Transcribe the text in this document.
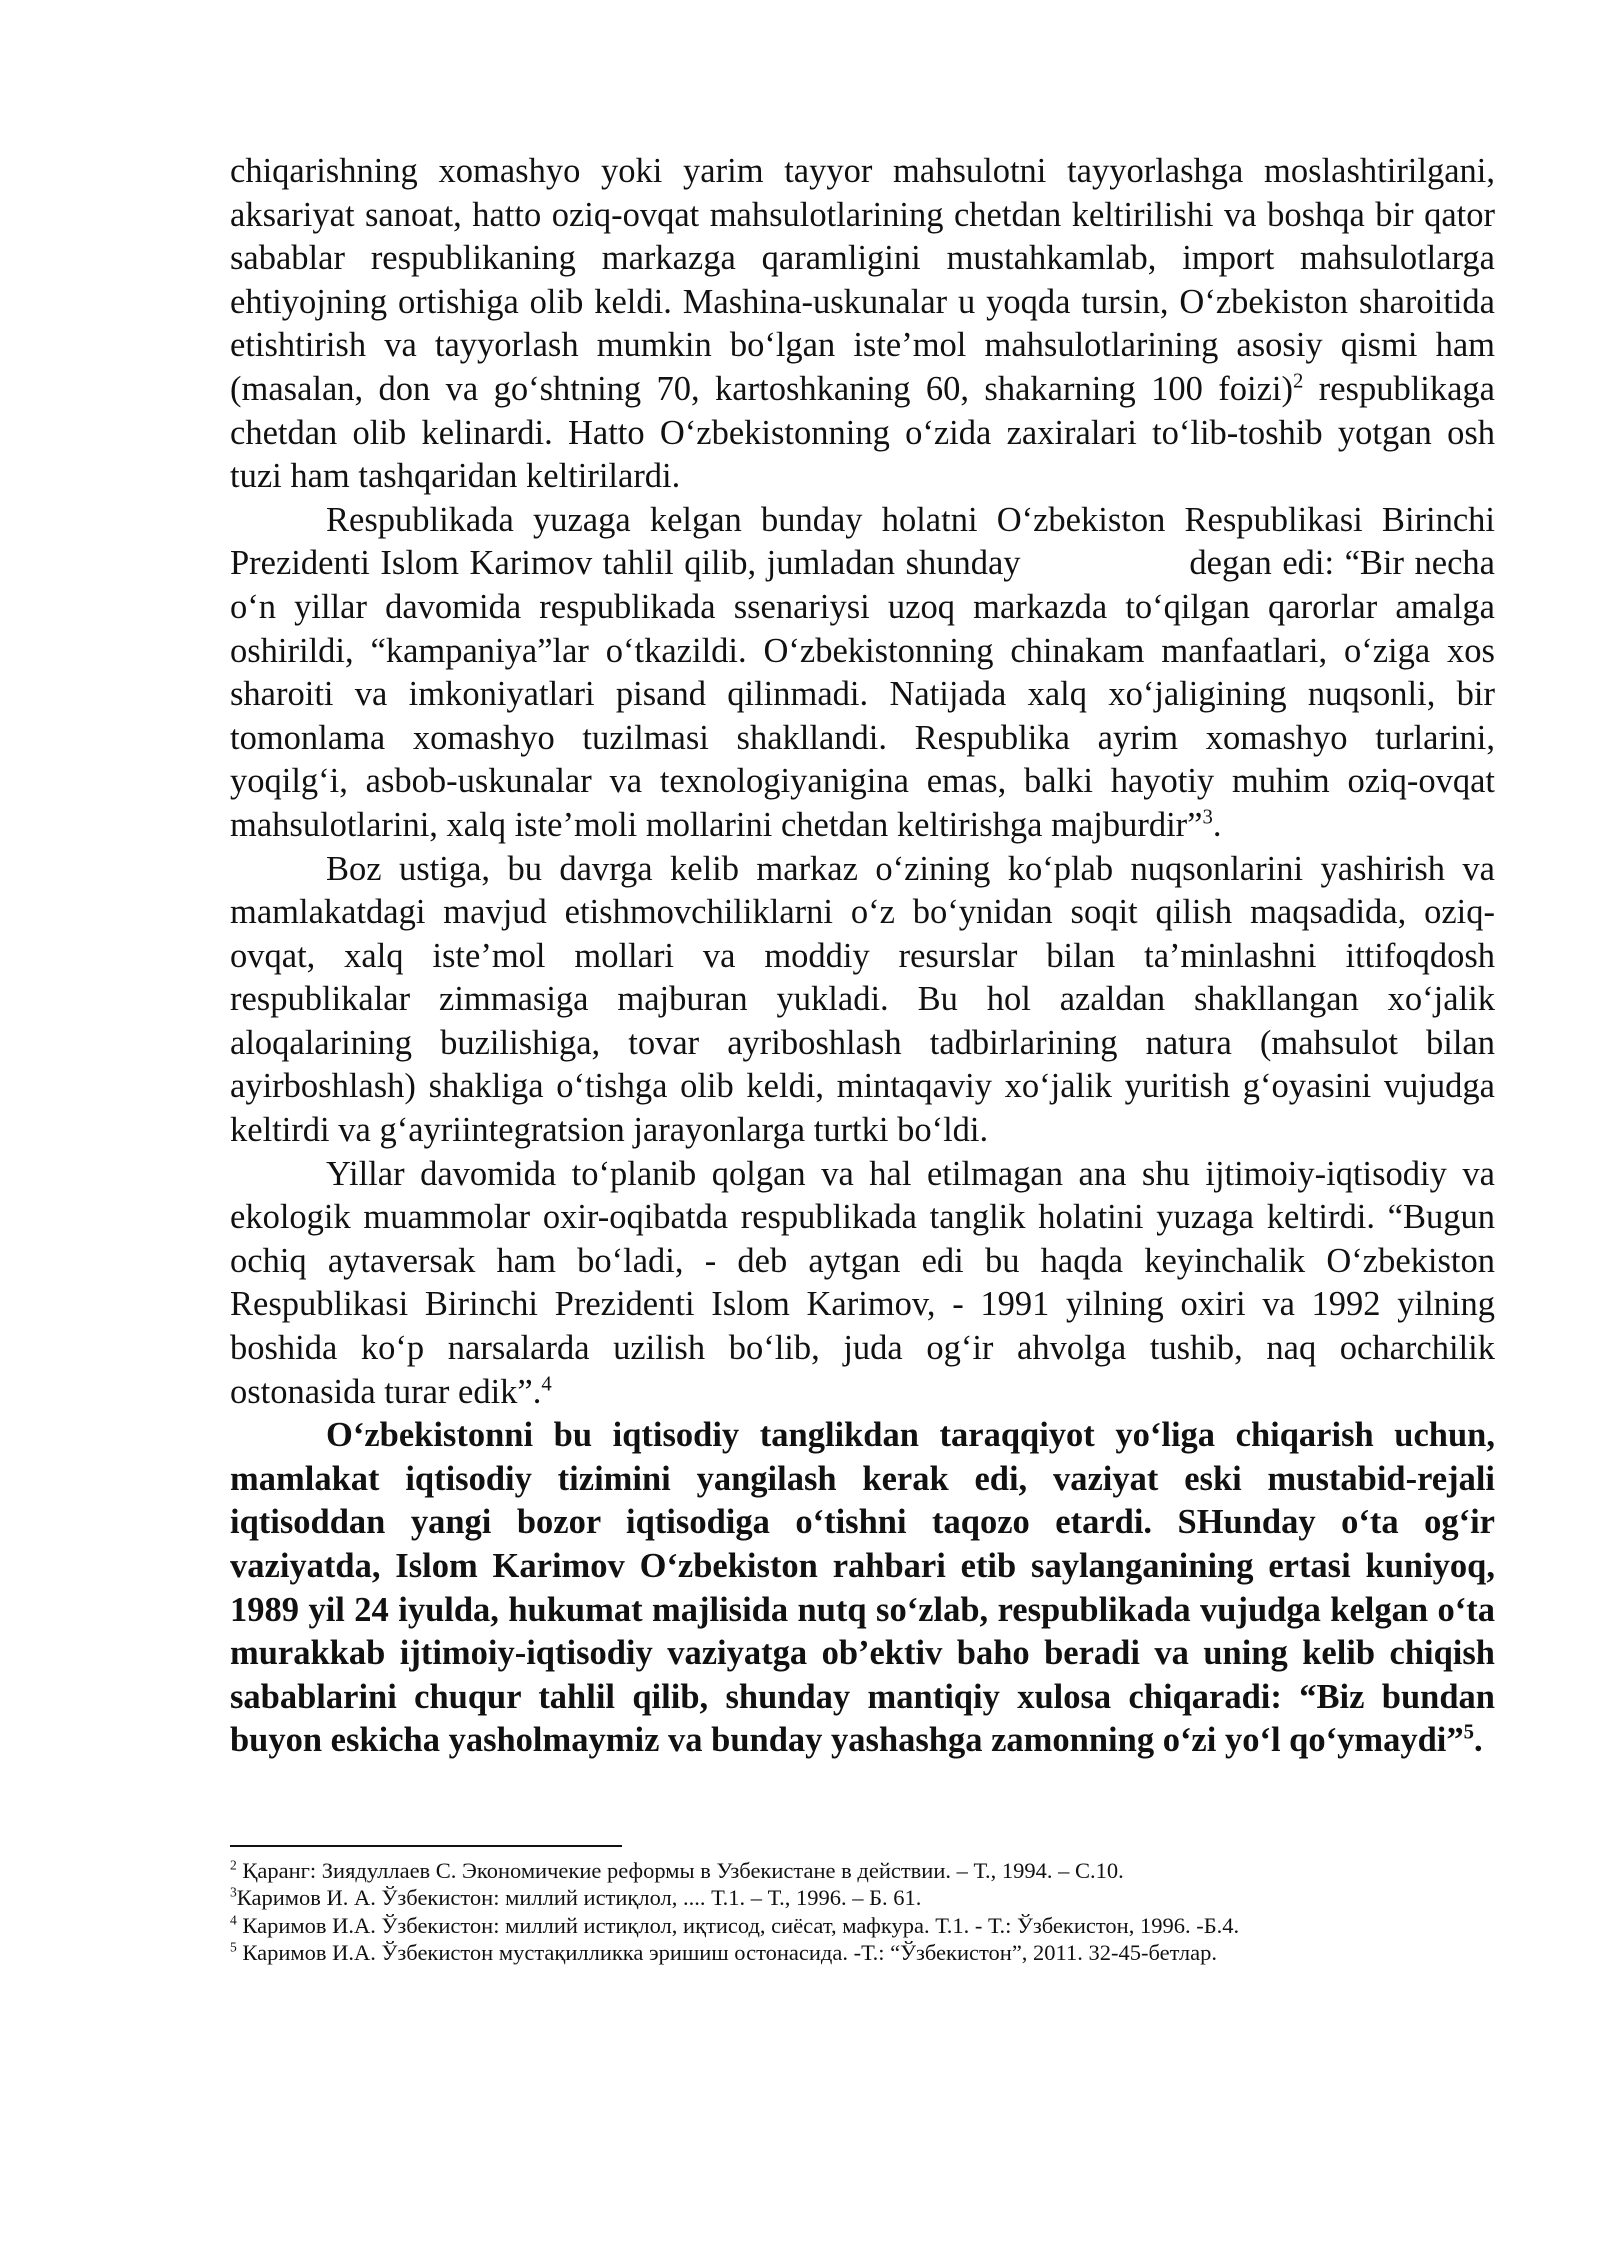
chiqarishning xomashyo yoki yarim tayyor mahsulotni tayyorlashga moslashtirilgani, aksariyat sanoat, hatto oziq-ovqat mahsulotlarining chetdan keltirilishi va boshqa bir qator sabablar respublikaning markazga qaramligini mustahkamlab, import mahsulotlarga ehtiyojning ortishiga olib keldi. Mashina-uskunalar u yoqda tursin, O‘zbekiston sharoitida etishtirish va tayyorlash mumkin bo‘lgan iste’mol mahsulotlarining asosiy qismi ham (masalan, don va go‘shtning 70, kartoshkaning 60, shakarning 100 foizi)$^2$ respublikaga chetdan olib kelinardi. Hatto O‘zbekistonning o‘zida zaxiralari to‘lib-toshib yotgan osh tuzi ham tashqaridan keltirilardi.

Respublikada yuzaga kelgan bunday holatni O‘zbekiston Respublikasi Birinchi Prezidenti Islom Karimov tahlil qilib, jumladan shunday                degan edi: “Bir necha o‘n yillar davomida respublikada ssenariysi uzoq markazda to‘qilgan qarorlar amalga oshirildi, “kampaniya”lar o‘tkazildi. O‘zbekistonning chinakam manfaatlari, o‘ziga xos sharoiti va imkoniyatlari pisand qilinmadi. Natijada xalq xo‘jaligining nuqsonli, bir tomonlama xomashyo tuzilmasi shakllandi. Respublika ayrim xomashyo turlarini,     yoqilg‘i, asbob-uskunalar va texnologiyanigina emas, balki hayotiy muhim oziq-ovqat mahsulotlarini, xalq iste’moli mollarini chetdan keltirishga majburdir”$^3$.

Boz ustiga, bu davrga kelib markaz o‘zining ko‘plab nuqsonlarini yashirish va mamlakatdagi mavjud etishmovchiliklarni o‘z bo‘ynidan soqit qilish maqsadida, oziq-ovqat, xalq iste’mol mollari va moddiy resurslar bilan ta’minlashni ittifoqdosh respublikalar zimmasiga majburan yukladi. Bu hol azaldan shakllangan xo‘jalik aloqalarining buzilishiga, tovar ayriboshlash tadbirlarining natura (mahsulot bilan ayirboshlash) shakliga o‘tishga olib keldi, mintaqaviy xo‘jalik yuritish g‘oyasini vujudga keltirdi va g‘ayriintegratsion jarayonlarga turtki bo‘ldi.

Yillar davomida to‘planib qolgan va hal etilmagan ana shu ijtimoiy-iqtisodiy va ekologik muammolar oxir-oqibatda respublikada tanglik holatini yuzaga keltirdi. “Bugun ochiq aytaversak ham bo‘ladi, - deb aytgan edi bu haqda keyinchalik O‘zbekiston Respublikasi Birinchi Prezidenti Islom Karimov, - 1991 yilning oxiri va 1992 yilning boshida ko‘p narsalarda uzilish bo‘lib, juda og‘ir ahvolga tushib, naq ocharchilik ostonasida turar edik”.$^4$

O‘zbekistonni bu iqtisodiy tanglikdan taraqqiyot yo‘liga chiqarish uchun, mamlakat iqtisodiy tizimini yangilash kerak edi, vaziyat eski mustabid-rejali iqtisoddan yangi bozor iqtisodiga o‘tishni taqozo etardi. SHunday o‘ta og‘ir vaziyatda, Islom Karimov O‘zbekiston rahbari etib saylanganining ertasi kuniyoq, 1989 yil 24 iyulda, hukumat majlisida nutq so‘zlab, respublikada vujudga kelgan o‘ta murakkab ijtimoiy-iqtisodiy vaziyatga ob’ektiv baho beradi va uning kelib chiqish sabablarini chuqur tahlil qilib, shunday mantiqiy xulosa chiqaradi: “Biz bundan buyon eskicha yasholmaymiz va bunday yashashga zamonning o‘zi yo‘l qo‘ymaydi”$^5$.

$^2$ Қаранг: Зиядуллаев С. Экономичекие реформы в Узбекистане в действии. – Т., 1994. – С.10.

$^3$Каримов И. А. Ўзбекистон: миллий истиқлол, .... Т.1. – Т., 1996. – Б. 61.

$^4$ Каримов И.А. Ўзбекистон: миллий истиқлол, иқтисод, сиёсат, мафкура. Т.1. - Т.: Ўзбекистон, 1996. -Б.4.

$^5$ Каримов И.А. Ўзбекистон мустақилликка эришиш остонасида. -Т.: “Ўзбекистон”, 2011. 32-45-бетлар.
